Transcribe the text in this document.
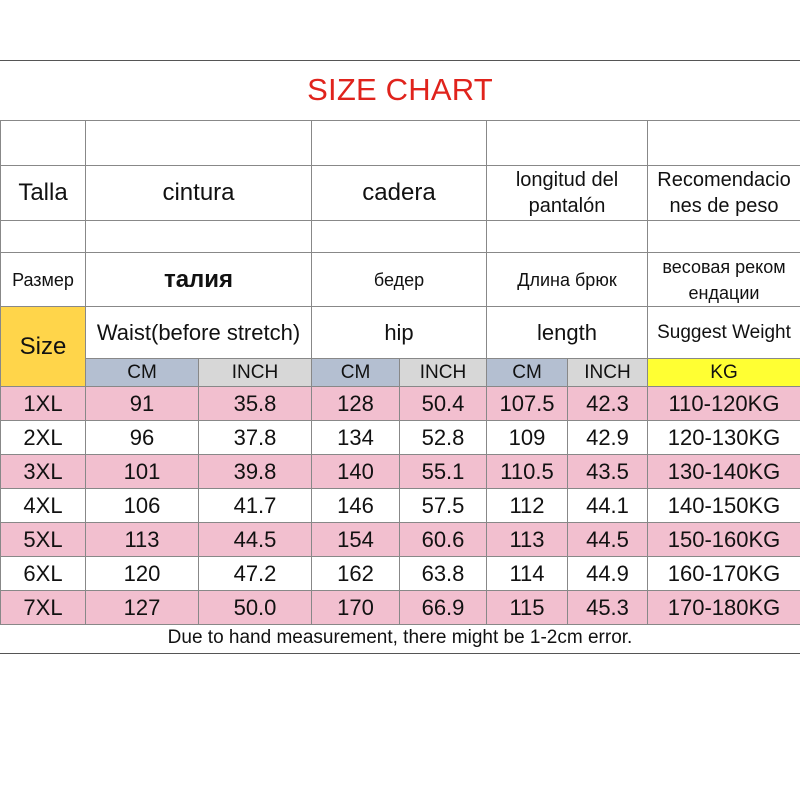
SIZE CHART

Talla	cintura		cadera		longitud del pantalón		Recomendacio nes de peso

Размер	талия		бедер		Длина брюк		весовая реком ендации
Size	Waist(before stretch)		hip		length		Suggest Weight
	CM	INCH	CM	INCH	CM	INCH	KG
1XL	91	35.8	128	50.4	107.5	42.3	110-120KG
2XL	96	37.8	134	52.8	109	42.9	120-130KG
3XL	101	39.8	140	55.1	110.5	43.5	130-140KG
4XL	106	41.7	146	57.5	112	44.1	140-150KG
5XL	113	44.5	154	60.6	113	44.5	150-160KG
6XL	120	47.2	162	63.8	114	44.9	160-170KG
7XL	127	50.0	170	66.9	115	45.3	170-180KG
Due to hand measurement, there might be 1-2cm error.
